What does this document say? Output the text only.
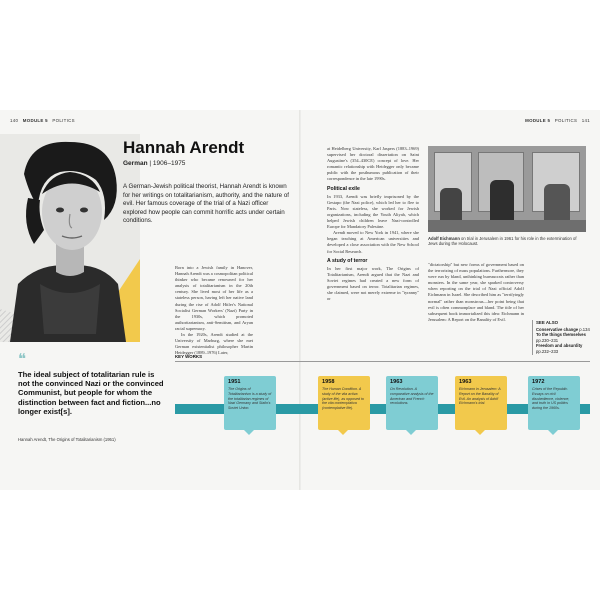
140 MODULE 5 POLITICS	MODULE 5 POLITICS 141
Hannah Arendt
German | 1906–1975
A German-Jewish political theorist, Hannah Arendt is known for her writings on totalitarianism, authority, and the nature of evil. Her famous coverage of the trial of a Nazi officer explored how people can commit horrific acts under certain conditions.

Born into a Jewish family in Hanover, Hannah Arendt was a cosmopolitan political thinker who became renowned for her analysis of totalitarianism in the 20th century. She lived most of her life as a stateless person, having left her native land during the rise of Adolf Hitler's National Socialist German Workers' (Nazi) Party in the 1930s, which promoted authoritarianism, anti-Semitism, and Aryan racial supremacy.

In the 1920s, Arendt studied at the University of Marburg, where she met German existentialist philosopher Martin Heidegger (1889–1976) Later,

at Heidelberg University, Karl Jaspers (1883–1969) supervised her doctoral dissertation on Saint Augustine's (354–430CE) concept of love. Her romantic relationship with Heidegger only became public with the posthumous publication of their correspondence in the late 1990s.

Political exile

In 1933, Arendt was briefly imprisoned by the Gestapo (the Nazi police), which led her to flee to Paris. Now stateless, she worked for Jewish organizations, including the Youth Aliyah, which helped Jewish children leave Nazi-controlled Europe for Mandatory Palestine.

Arendt moved to New York in 1941, where she began teaching at American universities and developed a close association with the New School for Social Research.

A study of terror

In her first major work, The Origins of Totalitarianism, Arendt argued that the Nazi and Soviet regimes had created a new form of government based on terror. Totalitarian regimes, she claimed, were not merely extreme in "tyranny" or

"dictatorship" but new forms of government based on the terrorizing of mass populations. Furthermore, they were run by bland, unthinking bureaucrats rather than monsters. In the same year, she sparked controversy when reporting on the trial of Nazi official Adolf Eichmann in Israel. She described him as "terrifyingly normal" rather than monstrous—her point being that evil is often commonplace and bland. The title of her subsequent book immortalized this idea: Eichmann in Jerusalem: A Report on the Banality of Evil.

Adolf Eichmann on trial in Jerusalem in 1961 for his role in the extermination of Jews during the Holocaust.
SEE ALSO
Conservative change p.134
To the things themselves pp.230–231
Freedom and absurdity pp.232–233
❝
The ideal subject of totalitarian rule is not the convinced Nazi or the convinced Communist, but people for whom the distinction between fact and fiction...no longer exist[s].
Hannah Arendt, The Origins of Totalitarianism (1951)
KEY WORKS
1951
The Origins of Totalitarianism is a study of the totalitarian regimes of Nazi Germany and Stalin's Soviet Union.
1958
The Human Condition. A study of the vita activa (active life), as opposed to the vita contemplativa (contemplative life).
1963
On Revolution. A comparative analysis of the American and French revolutions.
1963
Eichmann in Jerusalem: A Report on the Banality of Evil. An analysis of Adolf Eichmann's trial.
1972
Crises of the Republic. Essays on civil disobedience, violence, and truth in US politics during the 1960s.
